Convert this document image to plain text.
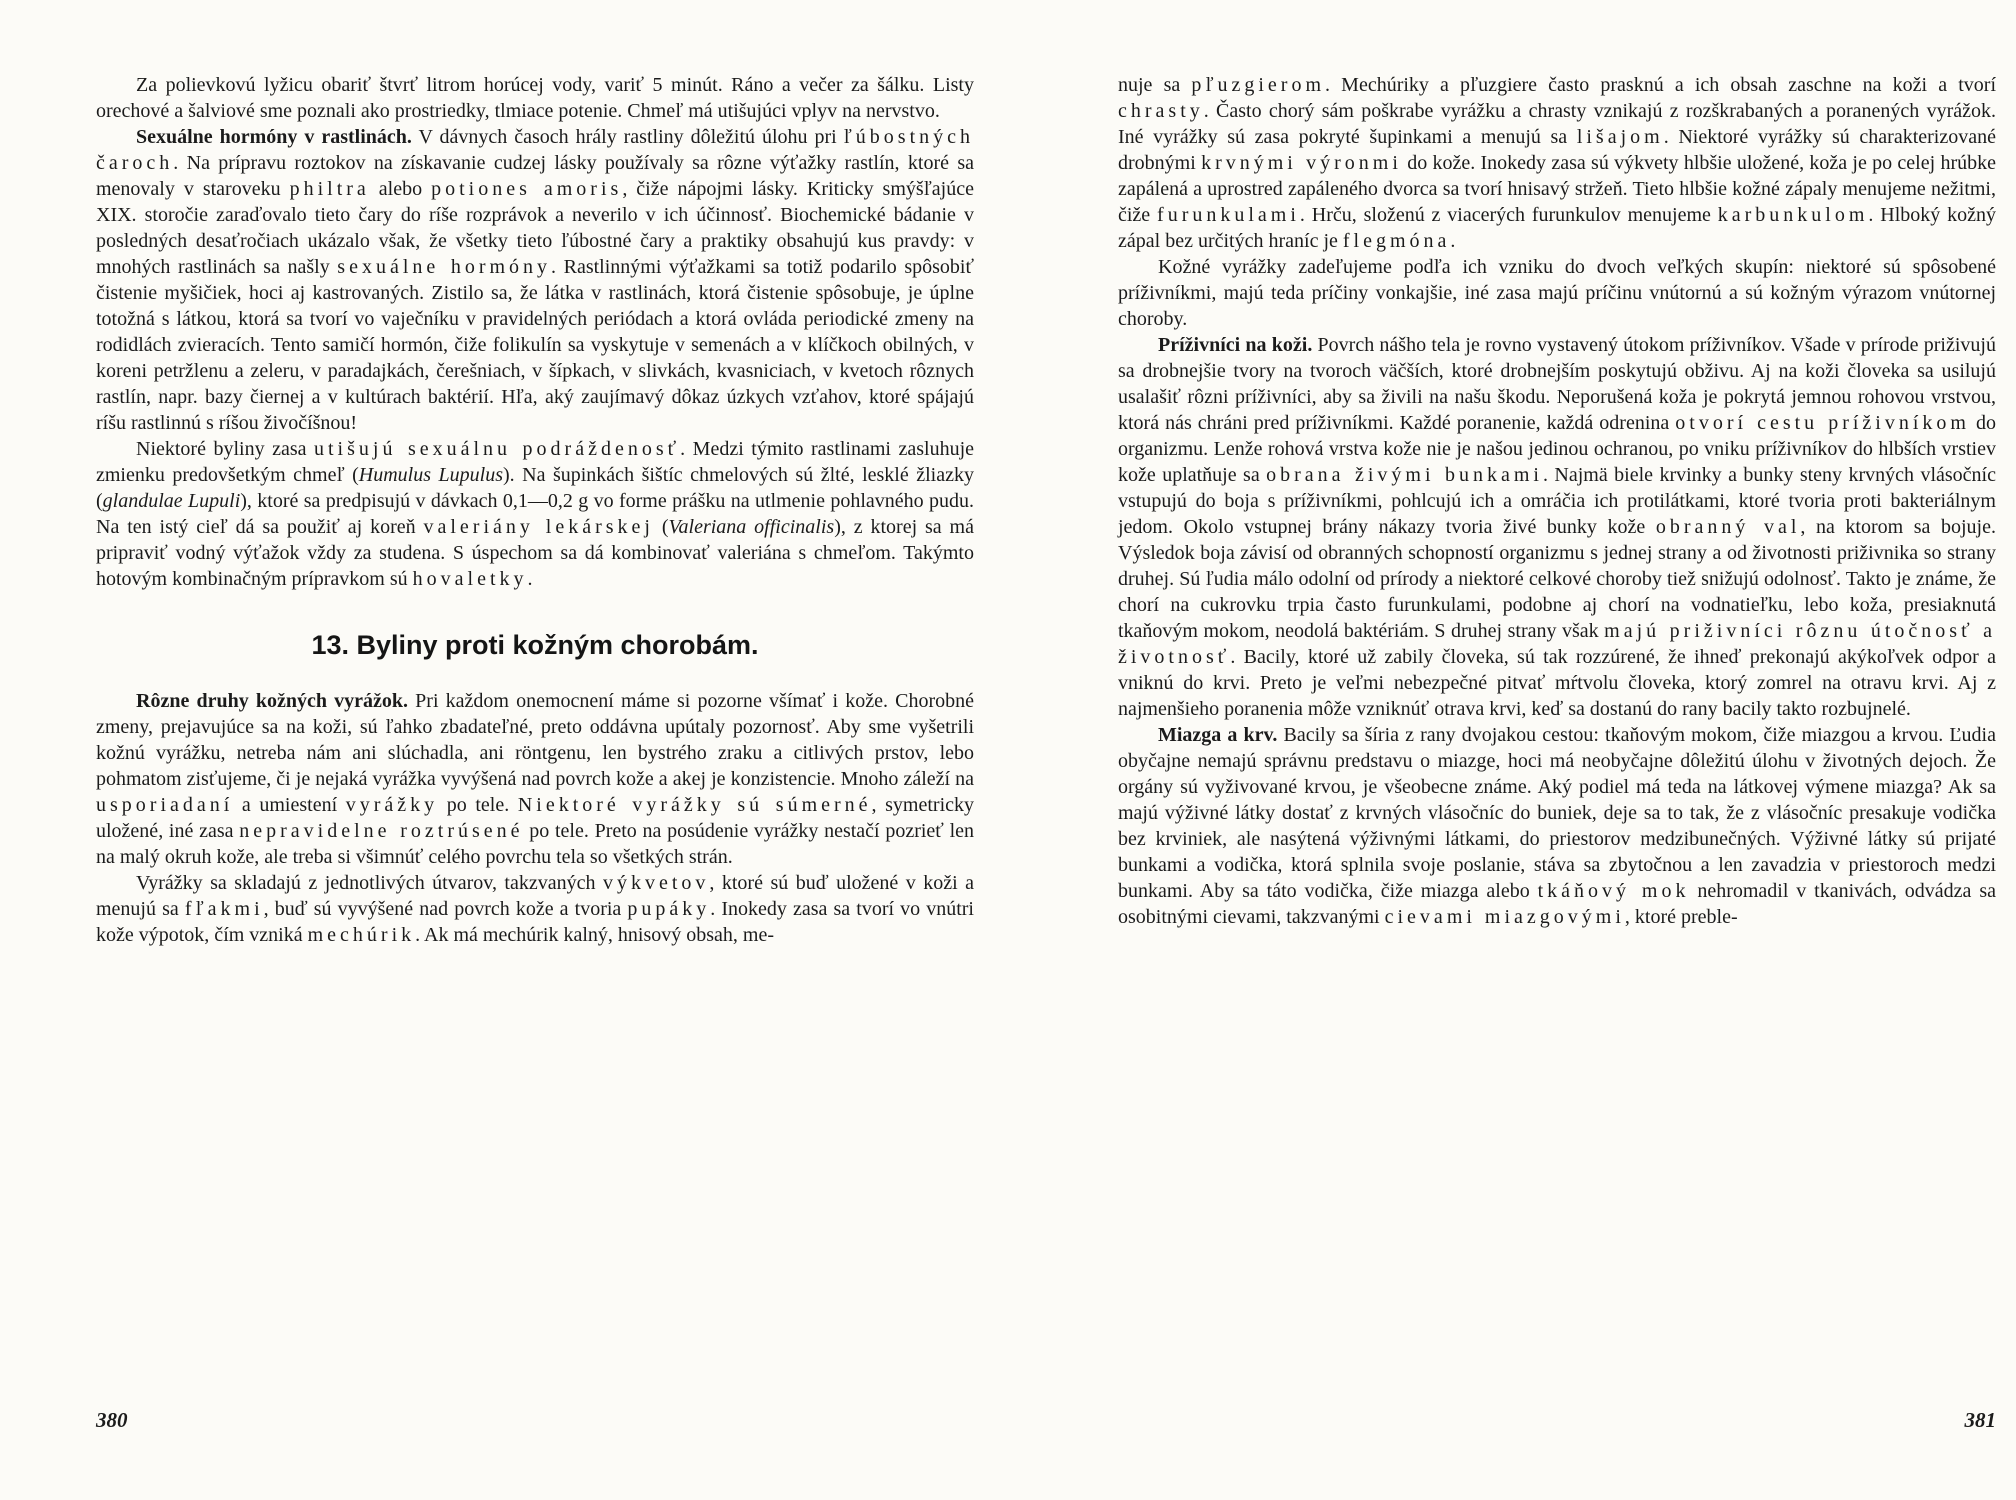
Za polievkovú lyžicu obariť štvrť litrom horúcej vody, variť 5 minút. Ráno a večer za šálku. Listy orechové a šalviové sme poznali ako prostriedky, tlmiace potenie. Chmeľ má utišujúci vplyv na nervstvo.

Sexuálne hormóny v rastlinách. V dávnych časoch hrály rastliny dôležitú úlohu pri ľúbostných čaroch. Na prípravu roztokov na získavanie cudzej lásky používaly sa rôzne výťažky rastlín, ktoré sa menovaly v staroveku philtra alebo potiones amoris, čiže nápojmi lásky. Kriticky smýšľajúce XIX. storočie zaraďovalo tieto čary do ríše rozprávok a neverilo v ich účinnosť. Biochemické bádanie v posledných desaťročiach ukázalo však, že všetky tieto ľúbostné čary a praktiky obsahujú kus pravdy: v mnohých rastlinách sa našly sexuálne hormóny. Rastlinnými výťažkami sa totiž podarilo spôsobiť čistenie myšičiek, hoci aj kastrovaných. Zistilo sa, že látka v rastlinách, ktorá čistenie spôsobuje, je úplne totožná s látkou, ktorá sa tvorí vo vaječníku v pravidelných periódach a ktorá ovláda periodické zmeny na rodidlách zvieracích. Tento samičí hormón, čiže folikulín sa vyskytuje v semenách a v klíčkoch obilných, v koreni petržlenu a zeleru, v paradajkách, čerešniach, v šípkach, v slivkách, kvasniciach, v kvetoch rôznych rastlín, napr. bazy čiernej a v kultúrach baktérií. Hľa, aký zaujímavý dôkaz úzkych vzťahov, ktoré spájajú ríšu rastlinnú s ríšou živočíšnou!

Niektoré byliny zasa utišujú sexuálnu podráždenosť. Medzi týmito rastlinami zasluhuje zmienku predovšetkým chmeľ (Humulus Lupulus). Na šupinkách šištíc chmelových sú žlté, lesklé žliazky (glandulae Lupuli), ktoré sa predpisujú v dávkach 0,1—0,2 g vo forme prášku na utlmenie pohlavného pudu. Na ten istý cieľ dá sa použiť aj koreň valeriány lekárskej (Valeriana officinalis), z ktorej sa má pripraviť vodný výťažok vždy za studena. S úspechom sa dá kombinovať valeriána s chmeľom. Takýmto hotovým kombinačným prípravkom sú hovaletky.

13. Byliny proti kožným chorobám.

Rôzne druhy kožných vyrážok. Pri každom onemocnení máme si pozorne všímať i kože. Chorobné zmeny, prejavujúce sa na koži, sú ľahko zbadateľné, preto oddávna upútaly pozornosť. Aby sme vyšetrili kožnú vyrážku, netreba nám ani slúchadla, ani röntgenu, len bystrého zraku a citlivých prstov, lebo pohmatom zisťujeme, či je nejaká vyrážka vyvýšená nad povrch kože a akej je konzistencie. Mnoho záleží na usporiadaní a umiestení vyrážky po tele. Niektoré vyrážky sú súmerné, symetricky uložené, iné zasa nepravidelne roztrúsené po tele. Preto na posúdenie vyrážky nestačí pozrieť len na malý okruh kože, ale treba si všimnúť celého povrchu tela so všetkých strán.

Vyrážky sa skladajú z jednotlivých útvarov, takzvaných výkvetov, ktoré sú buď uložené v koži a menujú sa fľakmi, buď sú vyvýšené nad povrch kože a tvoria pupáky. Inokedy zasa sa tvorí vo vnútri kože výpotok, čím vzniká mechúrik. Ak má mechúrik kalný, hnisový obsah, me-

nuje sa pľuzgierom. Mechúriky a pľuzgiere často prasknú a ich obsah zaschne na koži a tvorí chrasty. Často chorý sám poškrabe vyrážku a chrasty vznikajú z rozškrabaných a poranených vyrážok. Iné vyrážky sú zasa pokryté šupinkami a menujú sa lišajom. Niektoré vyrážky sú charakterizované drobnými krvnými výronmi do kože. Inokedy zasa sú výkvety hlbšie uložené, koža je po celej hrúbke zapálená a uprostred zapáleného dvorca sa tvorí hnisavý stržeň. Tieto hlbšie kožné zápaly menujeme nežitmi, čiže furunkulami. Hrču, složenú z viacerých furunkulov menujeme karbunkulom. Hlboký kožný zápal bez určitých hraníc je flegmóna.

Kožné vyrážky zadeľujeme podľa ich vzniku do dvoch veľkých skupín: niektoré sú spôsobené príživníkmi, majú teda príčiny vonkajšie, iné zasa majú príčinu vnútornú a sú kožným výrazom vnútornej choroby.

Príživníci na koži. Povrch nášho tela je rovno vystavený útokom príživníkov. Všade v prírode priživujú sa drobnejšie tvory na tvoroch väčších, ktoré drobnejším poskytujú obživu. Aj na koži človeka sa usilujú usalašiť rôzni príživníci, aby sa živili na našu škodu. Neporušená koža je pokrytá jemnou rohovou vrstvou, ktorá nás chráni pred príživníkmi. Každé poranenie, každá odrenina otvorí cestu príživníkom do organizmu. Lenže rohová vrstva kože nie je našou jedinou ochranou, po vniku príživníkov do hlbších vrstiev kože uplatňuje sa obrana živými bunkami. Najmä biele krvinky a bunky steny krvných vlásočníc vstupujú do boja s príživníkmi, pohlcujú ich a omráčia ich protilátkami, ktoré tvoria proti bakteriálnym jedom. Okolo vstupnej brány nákazy tvoria živé bunky kože obranný val, na ktorom sa bojuje. Výsledok boja závisí od obranných schopností organizmu s jednej strany a od životnosti priživnika so strany druhej. Sú ľudia málo odolní od prírody a niektoré celkové choroby tiež snižujú odolnosť. Takto je známe, že chorí na cukrovku trpia často furunkulami, podobne aj chorí na vodnatieľku, lebo koža, presiaknutá tkaňovým mokom, neodolá baktériám. S druhej strany však majú priživníci rôznu útočnosť a životnosť. Bacily, ktoré už zabily človeka, sú tak rozzúrené, že ihneď prekonajú akýkoľvek odpor a vniknú do krvi. Preto je veľmi nebezpečné pitvať mŕtvolu človeka, ktorý zomrel na otravu krvi. Aj z najmenšieho poranenia môže vzniknúť otrava krvi, keď sa dostanú do rany bacily takto rozbujnelé.

Miazga a krv. Bacily sa šíria z rany dvojakou cestou: tkaňovým mokom, čiže miazgou a krvou. Ľudia obyčajne nemajú správnu predstavu o miazge, hoci má neobyčajne dôležitú úlohu v životných dejoch. Že orgány sú vyživované krvou, je všeobecne známe. Aký podiel má teda na látkovej výmene miazga? Ak sa majú výživné látky dostať z krvných vlásočníc do buniek, deje sa to tak, že z vlásočníc presakuje vodička bez krviniek, ale nasýtená výživnými látkami, do priestorov medzibunečných. Výživné látky sú prijaté bunkami a vodička, ktorá splnila svoje poslanie, stáva sa zbytočnou a len zavadzia v priestoroch medzi bunkami. Aby sa táto vodička, čiže miazga alebo tkáňový mok nehromadil v tkanivách, odvádza sa osobitnými cievami, takzvanými cievami miazgovými, ktoré preble-

380	381
